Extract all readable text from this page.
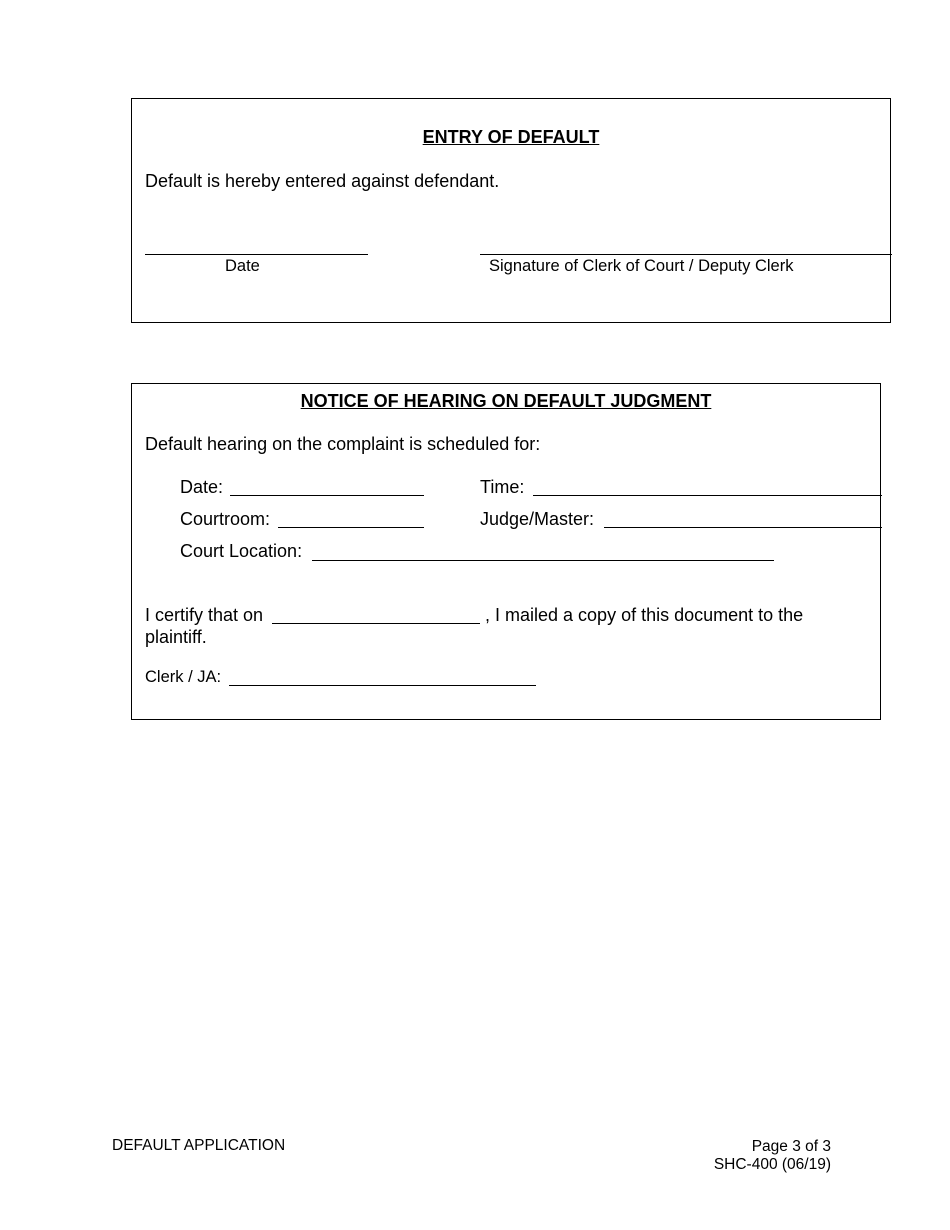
ENTRY OF DEFAULT
Default is hereby entered against defendant.
Date	Signature of Clerk of Court / Deputy Clerk
NOTICE OF HEARING ON DEFAULT JUDGMENT
Default hearing on the complaint is scheduled for:
Date:	Time:
Courtroom:	Judge/Master:
Court Location:
I certify that on	, I mailed a copy of this document to the
plaintiff.
Clerk / JA:
DEFAULT APPLICATION	Page 3 of 3
SHC-400 (06/19)
